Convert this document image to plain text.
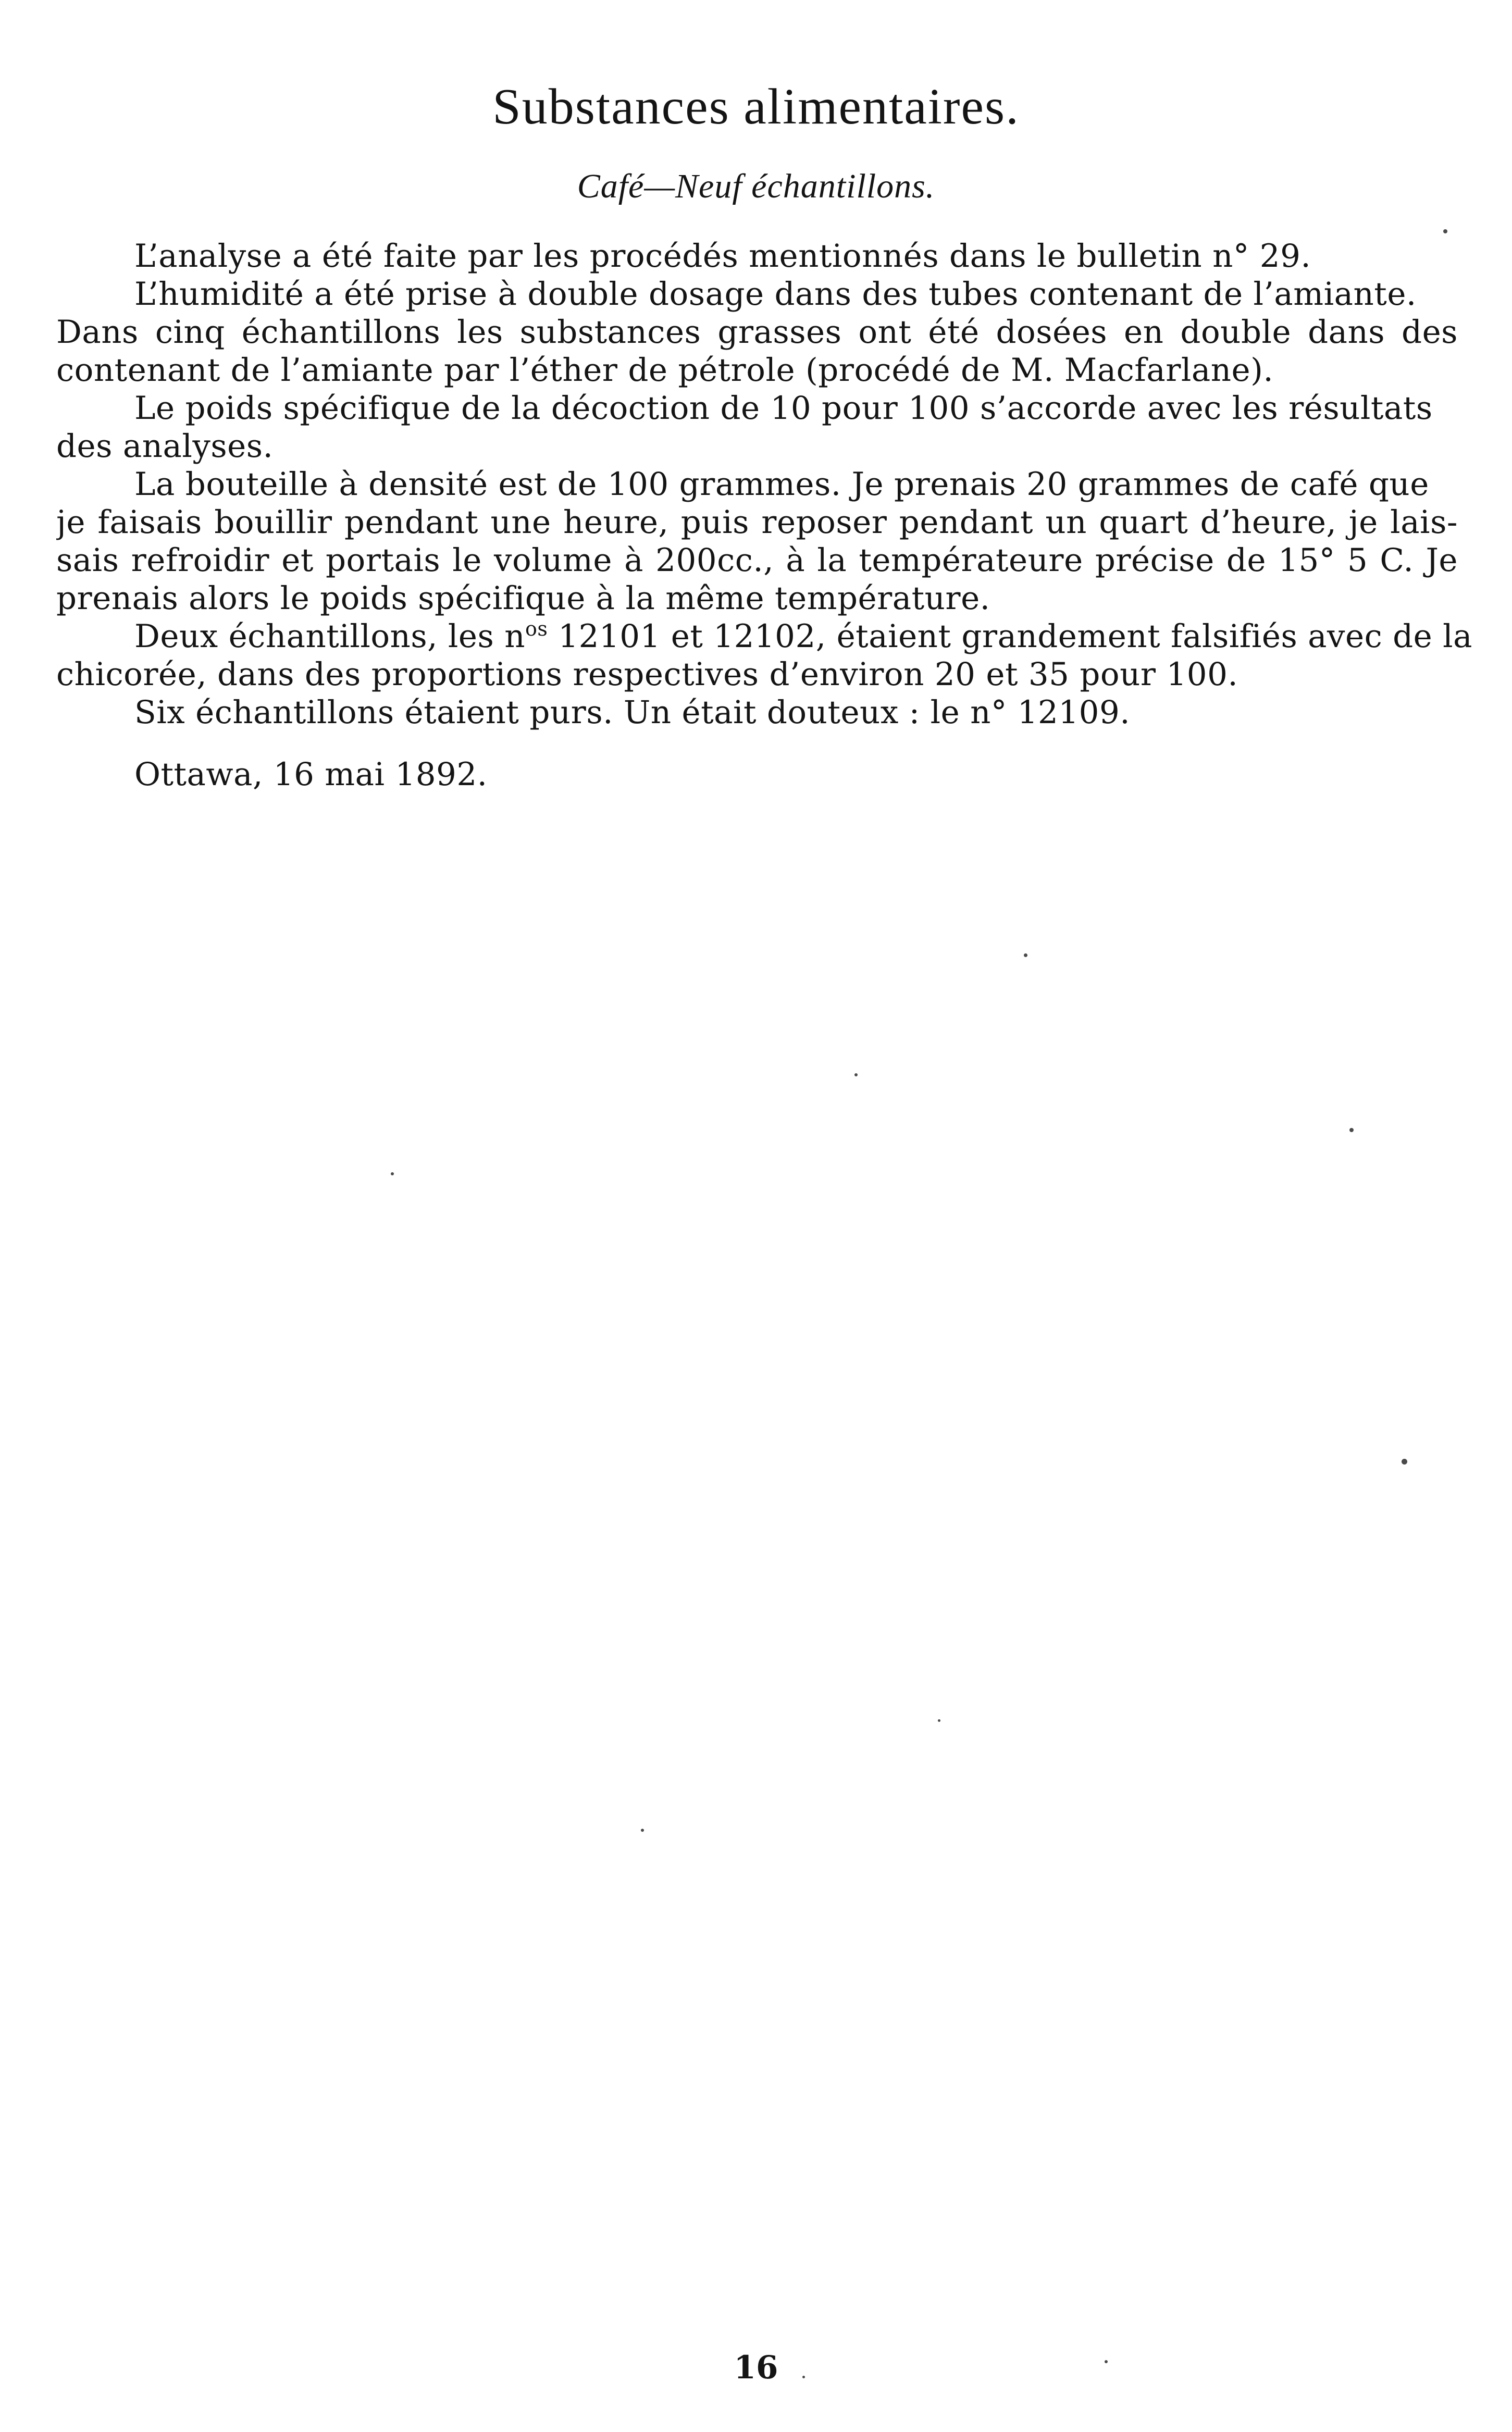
Substances alimentaires.
Café—Neuf échantillons.
L’analyse a été faite par les procédés mentionnés dans le bulletin n° 29.
L’humidité a été prise à double dosage dans des tubes contenant de l’amiante.
Dans cinq échantillons les substances grasses ont été dosées en double dans des
contenant de l’amiante par l’éther de pétrole (procédé de M. Macfarlane).
Le poids spécifique de la décoction de 10 pour 100 s’accorde avec les résultats
des analyses.
La bouteille à densité est de 100 grammes. Je prenais 20 grammes de café que
je faisais bouillir pendant une heure, puis reposer pendant un quart d’heure, je lais-
sais refroidir et portais le volume à 200cc., à la températeure précise de 15° 5 C. Je
prenais alors le poids spécifique à la même température.
Deux échantillons, les $n^{os}$ 12101 et 12102, étaient grandement falsifiés avec de la
chicorée, dans des proportions respectives d’environ 20 et 35 pour 100.
Six échantillons étaient purs. Un était douteux : le n° 12109.
Ottawa, 16 mai 1892.
16
